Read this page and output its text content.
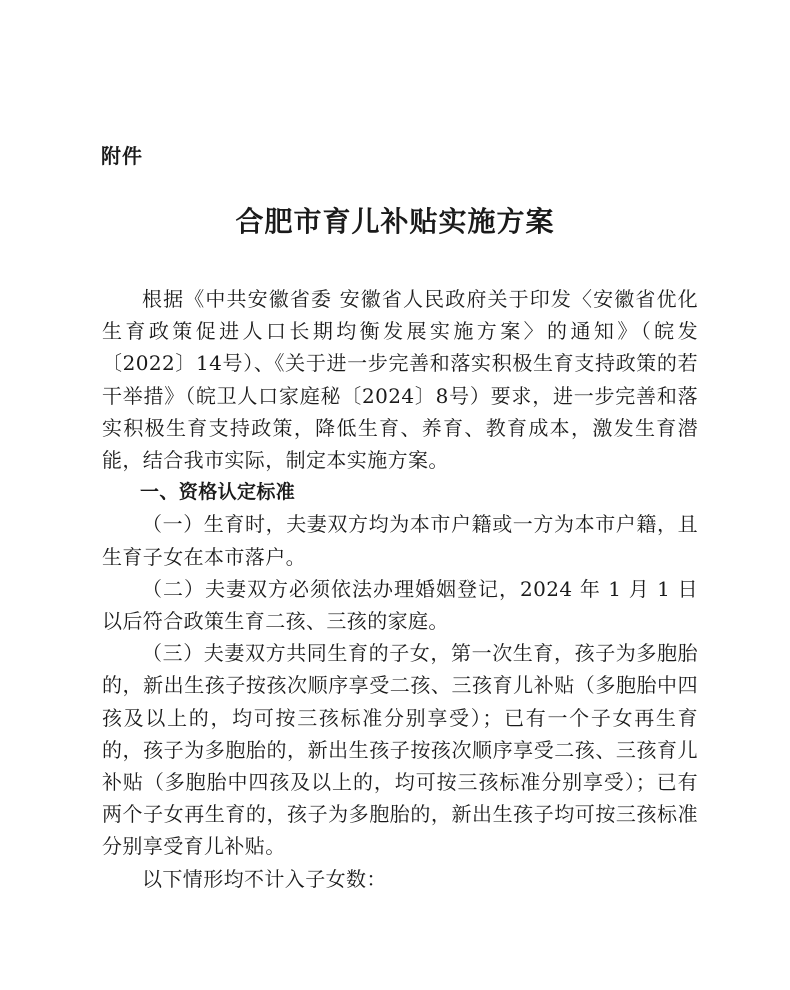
附件
合肥市育儿补贴实施方案

根据《中共安徽省委 安徽省人民政府关于印发〈安徽省优化生育政策促进人口长期均衡发展实施方案〉的通知》（皖发〔2022〕14号）、《关于进一步完善和落实积极生育支持政策的若干举措》（皖卫人口家庭秘〔2024〕8号）要求，进一步完善和落实积极生育支持政策，降低生育、养育、教育成本，激发生育潜能，结合我市实际，制定本实施方案。

一、资格认定标准

（一）生育时，夫妻双方均为本市户籍或一方为本市户籍，且生育子女在本市落户。

（二）夫妻双方必须依法办理婚姻登记，2024 年 1 月 1 日以后符合政策生育二孩、三孩的家庭。

（三）夫妻双方共同生育的子女，第一次生育，孩子为多胞胎的，新出生孩子按孩次顺序享受二孩、三孩育儿补贴（多胞胎中四孩及以上的，均可按三孩标准分别享受）；已有一个子女再生育的，孩子为多胞胎的，新出生孩子按孩次顺序享受二孩、三孩育儿补贴（多胞胎中四孩及以上的，均可按三孩标准分别享受）；已有两个子女再生育的，孩子为多胞胎的，新出生孩子均可按三孩标准分别享受育儿补贴。

以下情形均不计入子女数：
